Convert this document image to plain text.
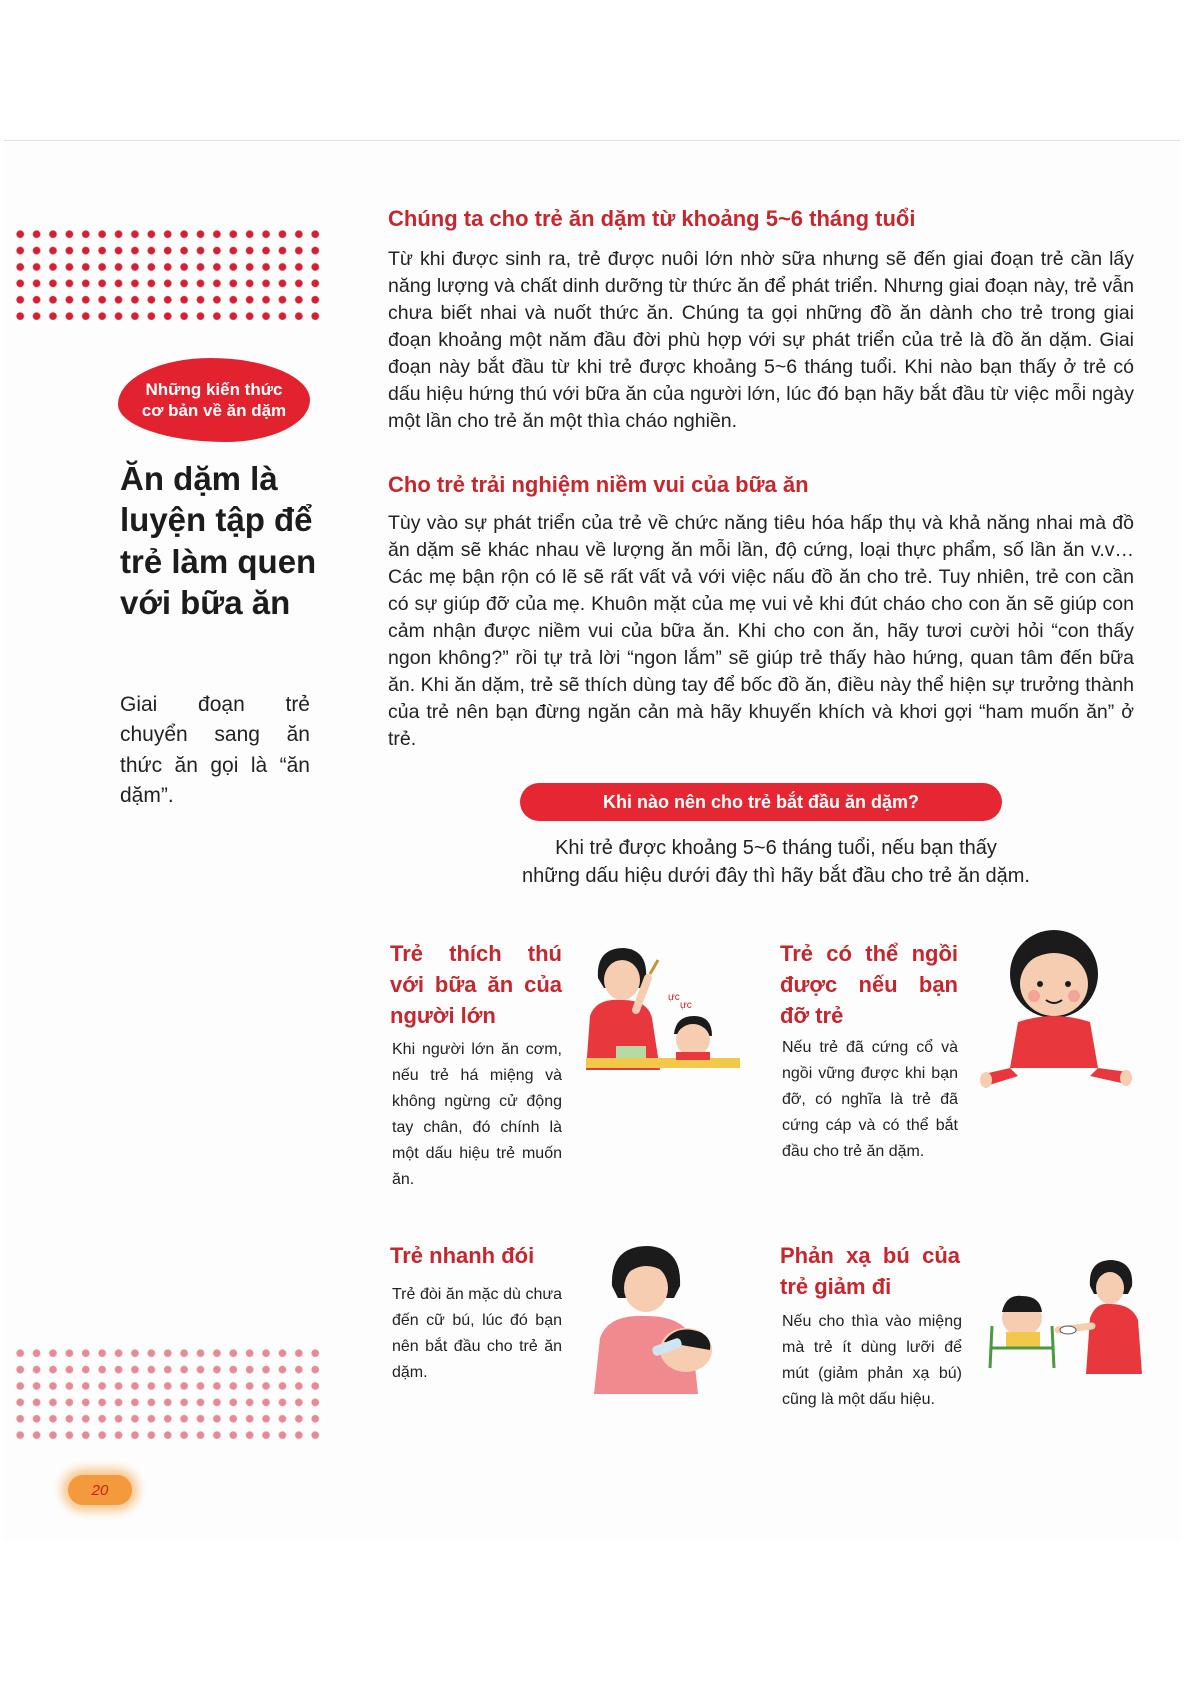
Những kiến thức
cơ bản về ăn dặm
Ăn dặm là luyện tập để trẻ làm quen với bữa ăn
Giai đoạn trẻ chuyển sang ăn thức ăn gọi là “ăn dặm”.
Chúng ta cho trẻ ăn dặm từ khoảng 5~6 tháng tuổi

Từ khi được sinh ra, trẻ được nuôi lớn nhờ sữa nhưng sẽ đến giai đoạn trẻ cần lấy năng lượng và chất dinh dưỡng từ thức ăn để phát triển. Nhưng giai đoạn này, trẻ vẫn chưa biết nhai và nuốt thức ăn. Chúng ta gọi những đồ ăn dành cho trẻ trong giai đoạn khoảng một năm đầu đời phù hợp với sự phát triển của trẻ là đồ ăn dặm. Giai đoạn này bắt đầu từ khi trẻ được khoảng 5~6 tháng tuổi. Khi nào bạn thấy ở trẻ có dấu hiệu hứng thú với bữa ăn của người lớn, lúc đó bạn hãy bắt đầu từ việc mỗi ngày một lần cho trẻ ăn một thìa cháo nghiền.

Cho trẻ trải nghiệm niềm vui của bữa ăn

Tùy vào sự phát triển của trẻ về chức năng tiêu hóa hấp thụ và khả năng nhai mà đồ ăn dặm sẽ khác nhau về lượng ăn mỗi lần, độ cứng, loại thực phẩm, số lần ăn v.v… Các mẹ bận rộn có lẽ sẽ rất vất vả với việc nấu đồ ăn cho trẻ. Tuy nhiên, trẻ con cần có sự giúp đỡ của mẹ. Khuôn mặt của mẹ vui vẻ khi đút cháo cho con ăn sẽ giúp con cảm nhận được niềm vui của bữa ăn. Khi cho con ăn, hãy tươi cười hỏi “con thấy ngon không?” rồi tự trả lời “ngon lắm” sẽ giúp trẻ thấy hào hứng, quan tâm đến bữa ăn. Khi ăn dặm, trẻ sẽ thích dùng tay để bốc đồ ăn, điều này thể hiện sự trưởng thành của trẻ nên bạn đừng ngăn cản mà hãy khuyến khích và khơi gợi “ham muốn ăn” ở trẻ.

Khi nào nên cho trẻ bắt đầu ăn dặm?
Khi trẻ được khoảng 5~6 tháng tuổi, nếu bạn thấy
những dấu hiệu dưới đây thì hãy bắt đầu cho trẻ ăn dặm.
Trẻ thích thú với bữa ăn của người lớn

Khi người lớn ăn cơm, nếu trẻ há miệng và không ngừng cử động tay chân, đó chính là một dấu hiệu trẻ muốn ăn.

ực
ực
Trẻ có thể ngồi được nếu bạn đỡ trẻ

Nếu trẻ đã cứng cổ và ngồi vững được khi bạn đỡ, có nghĩa là trẻ đã cứng cáp và có thể bắt đầu cho trẻ ăn dặm.

Trẻ nhanh đói

Trẻ đòi ăn mặc dù chưa đến cữ bú, lúc đó bạn nên bắt đầu cho trẻ ăn dặm.

Phản xạ bú của trẻ giảm đi

Nếu cho thìa vào miệng mà trẻ ít dùng lưỡi để mút (giảm phản xạ bú) cũng là một dấu hiệu.

20
